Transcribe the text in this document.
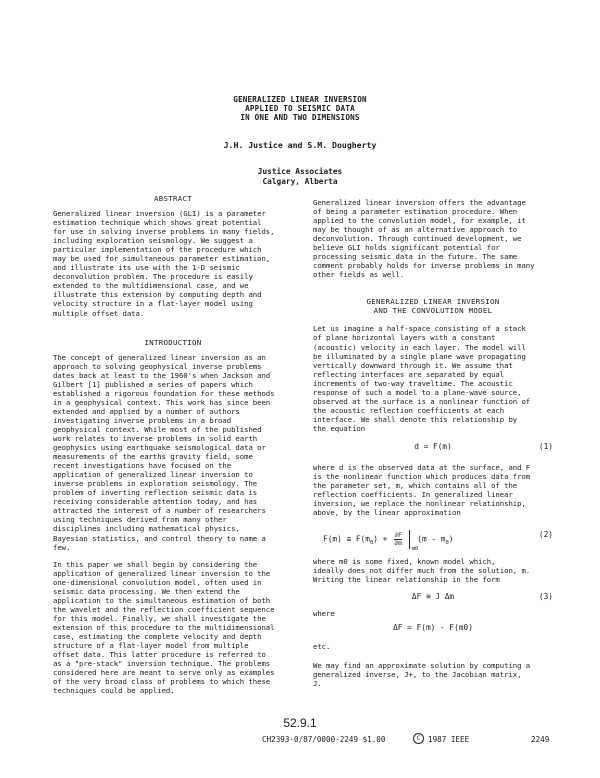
GENERALIZED LINEAR INVERSION
APPLIED TO SEISMIC DATA
IN ONE AND TWO DIMENSIONS
J.H. Justice and S.M. Dougherty
Justice Associates
Calgary, Alberta
ABSTRACT
Generalized linear inversion (GLI) is a parameter
estimation technique which shows great potential
for use in solving inverse problems in many fields,
including exploration seismology. We suggest a
particular implementation of the procedure which
may be used for simultaneous parameter estimation,
and illustrate its use with the 1-D seismic
deconvolution problem. The procedure is easily
extended to the multidimensional case, and we
illustrate this extension by computing depth and
velocity structure in a flat-layer model using
multiple offset data.
INTRODUCTION
The concept of generalized linear inversion as an
approach to solving geophysical inverse problems
dates back at least to the 1960's when Jackson and
Gilbert [1] published a series of papers which
established a rigorous foundation for these methods
in a geophysical context. This work has since been
extended and applied by a number of authors
investigating inverse problems in a broad
geophysical context. While most of the published
work relates to inverse problems in solid earth
geophysics using earthquake seismological data or
measurements of the earths gravity field, some
recent investigations have focused on the
application of generalized linear inversion to
inverse problems in exploration seismology. The
problem of inverting reflection seismic data is
receiving considerable attention today, and has
attracted the interest of a number of researchers
using techniques derived from many other
disciplines including mathematical physics,
Bayesian statistics, and control theory to name a
few.
In this paper we shall begin by considering the
application of generalized linear inversion to the
one-dimensional convolution model, often used in
seismic data processing. We then extend the
application to the simultaneous estimation of both
the wavelet and the reflection coefficient sequence
for this model. Finally, we shall investigate the
extension of this procedure to the multidimensional
case, estimating the complete velocity and depth
structure of a flat-layer model from multiple
offset data. This latter procedure is referred to
as a "pre-stack" inversion technique. The problems
considered here are meant to serve only as examples
of the very broad class of problems to which these
techniques could be applied.
Generalized linear inversion offers the advantage
of being a parameter estimation procedure. When
applied to the convolution model, for example, it
may be thought of as an alternative approach to
deconvolution. Through continued development, we
believe GLI holds significant potential for
processing seismic data in the future. The same
comment probably holds for inverse problems in many
other fields as well.
GENERALIZED LINEAR INVERSION
AND THE CONVOLUTION MODEL
Let us imagine a half-space consisting of a stack
of plane horizontal layers with a constant
(acoustic) velocity in each layer. The model will
be illuminated by a single plane wave propagating
vertically downward through it. We assume that
reflecting interfaces are separated by equal
increments of two-way traveltime. The acoustic
response of such a model to a plane-wave source,
observed at the surface is a nonlinear function of
the acoustic reflection coefficients at each
interface. We shall denote this relationship by
the equation
d = F(m)	(1)
where d is the observed data at the surface, and F
is the nonlinear function which produces data from
the parameter set, m, which contains all of the
reflection coefficients. In generalized linear
inversion, we replace the nonlinear relationship,
above, by the linear approximation
F(m) ≅ $F(m_0) + \frac{\partial F}{\partial m}$

m0
$(m - m_0)$	(2)
where m0 is some fixed, known model which,
ideally does not differ much from the solution, m.
Writing the linear relationship in the form
ΔF ≅ J Δm	(3)
where
ΔF = F(m) - F(m0)
etc.
We may find an approximate solution by computing a
generalized inverse, J+, to the Jacobian matrix,
J.
52.9.1
CH2393-0/87/0000-2249 $1.00	C	1987 IEEE	2249
